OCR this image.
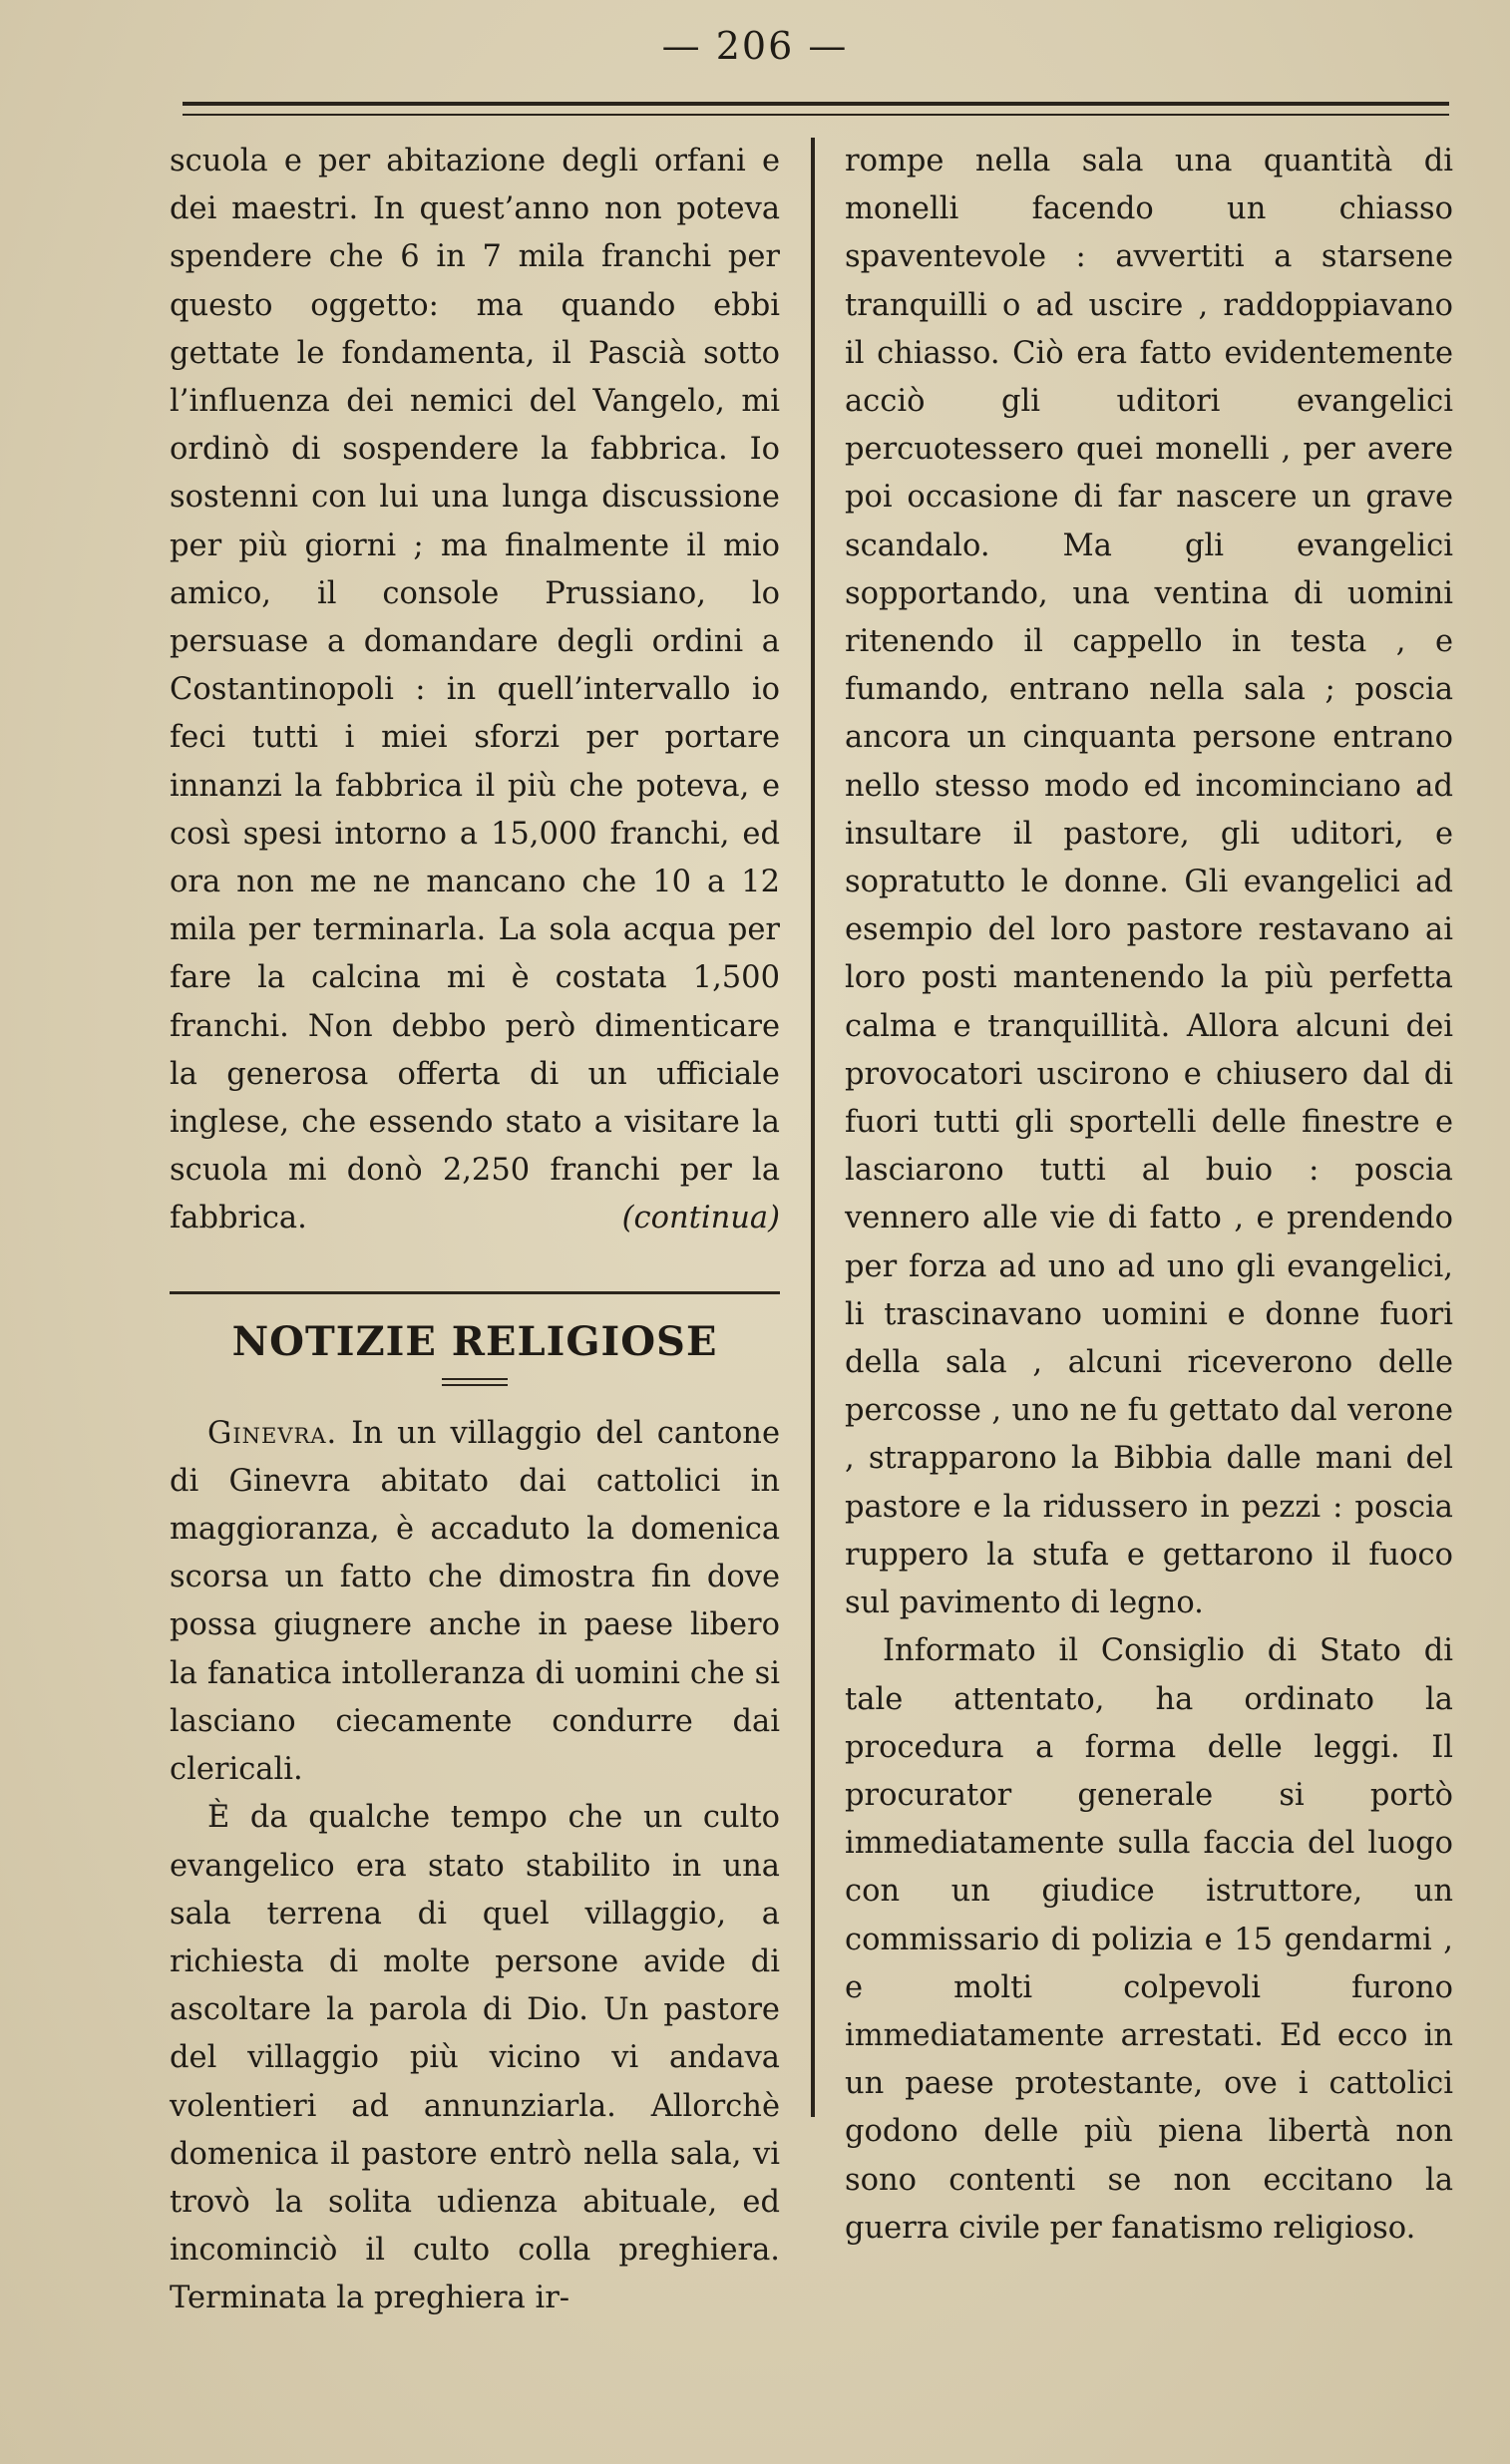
— 206 —

scuola e per abitazione degli orfani e dei maestri. In quest’anno non poteva spendere che 6 in 7 mila franchi per questo oggetto: ma quando ebbi gettate le fondamenta, il Pascià sotto l’influenza dei nemici del Vangelo, mi ordinò di sospendere la fabbrica. Io sostenni con lui una lunga discussione per più giorni ; ma finalmente il mio amico, il console Prussiano, lo persuase a domandare degli ordini a Costantinopoli : in quell’intervallo io feci tutti i miei sforzi per portare innanzi la fabbrica il più che poteva, e così spesi intorno a 15,000 franchi, ed ora non me ne mancano che 10 a 12 mila per terminarla. La sola acqua per fare la calcina mi è costata 1,500 franchi. Non debbo però dimenticare la generosa offerta di un ufficiale inglese, che essendo stato a visitare la scuola mi donò 2,250 franchi per la fabbrica.	(continua)

NOTIZIE RELIGIOSE

Ginevra. In un villaggio del cantone di Ginevra abitato dai cattolici in maggioranza, è accaduto la domenica scorsa un fatto che dimostra fin dove possa giugnere anche in paese libero la fanatica intolleranza di uomini che si lasciano ciecamente condurre dai clericali.

È da qualche tempo che un culto evangelico era stato stabilito in una sala terrena di quel villaggio, a richiesta di molte persone avide di ascoltare la parola di Dio. Un pastore del villaggio più vicino vi andava volentieri ad annunziarla. Allorchè domenica il pastore entrò nella sala, vi trovò la solita udienza abituale, ed incominciò il culto colla preghiera. Terminata la preghiera ir-

rompe nella sala una quantità di monelli facendo un chiasso spaventevole : avvertiti a starsene tranquilli o ad uscire , raddoppiavano il chiasso. Ciò era fatto evidentemente acciò gli uditori evangelici percuotessero quei monelli , per avere poi occasione di far nascere un grave scandalo. Ma gli evangelici sopportando, una ventina di uomini ritenendo il cappello in testa , e fumando, entrano nella sala ; poscia ancora un cinquanta persone entrano nello stesso modo ed incominciano ad insultare il pastore, gli uditori, e sopratutto le donne. Gli evangelici ad esempio del loro pastore restavano ai loro posti mantenendo la più perfetta calma e tranquillità. Allora alcuni dei provocatori uscirono e chiusero dal di fuori tutti gli sportelli delle finestre e lasciarono tutti al buio : poscia vennero alle vie di fatto , e prendendo per forza ad uno ad uno gli evangelici, li trascinavano uomini e donne fuori della sala , alcuni riceverono delle percosse , uno ne fu gettato dal verone , strapparono la Bibbia dalle mani del pastore e la ridussero in pezzi : poscia ruppero la stufa e gettarono il fuoco sul pavimento di legno.

Informato il Consiglio di Stato di tale attentato, ha ordinato la procedura a forma delle leggi. Il procurator generale si portò immediatamente sulla faccia del luogo con un giudice istruttore, un commissario di polizia e 15 gendarmi , e molti colpevoli furono immediatamente arrestati. Ed ecco in un paese protestante, ove i cattolici godono delle più piena libertà non sono contenti se non eccitano la guerra civile per fanatismo religioso.
